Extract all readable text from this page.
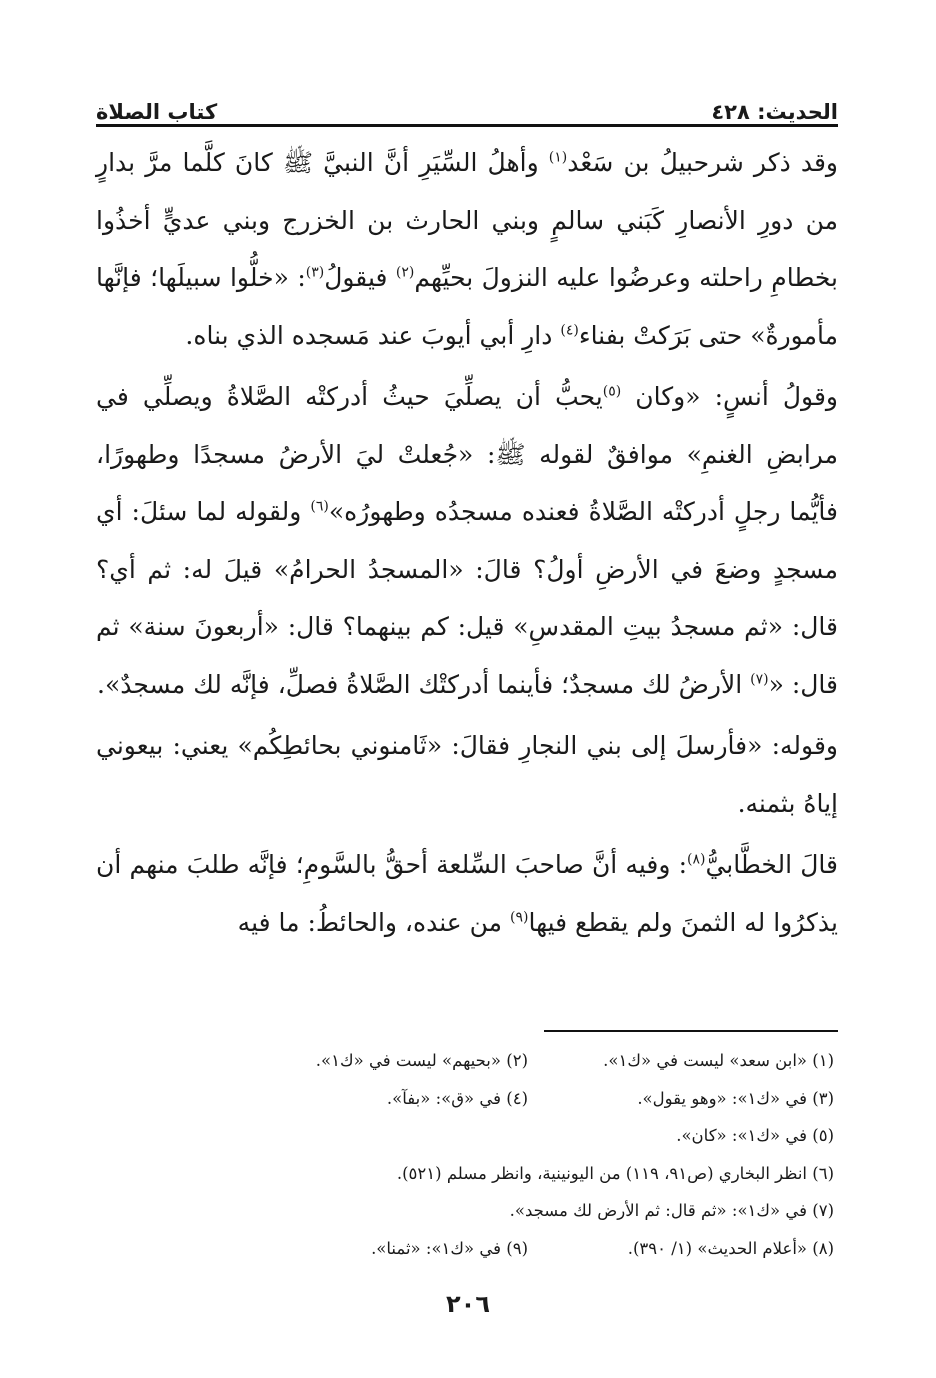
الحديث: ٤٢٨
كتاب الصلاة

وقد ذكر شرحبيلُ بن سَعْد$^{(١)}$ وأهلُ السِّيَرِ أنَّ النبيَّ ﷺ كانَ كلَّما مرَّ بدارٍ من دورِ الأنصارِ كَبَني سالمٍ وبني الحارث بن الخزرج وبني عديٍّ أخذُوا بخطامِ راحلته وعرضُوا عليه النزولَ بحيِّهم$^{(٢)}$ فيقولُ$^{(٣)}$: «خلُّوا سبيلَها؛ فإنَّها مأمورةٌ» حتى بَرَكتْ بفناء$^{(٤)}$ دارِ أبي أيوبَ عند مَسجده الذي بناه.

وقولُ أنسٍ: «وكان $^{(٥)}$يحبُّ أن يصلِّيَ حيثُ أدركتْه الصَّلاةُ ويصلِّي في مرابضِ الغنمِ» موافقٌ لقوله ﷺ: «جُعلتْ ليَ الأرضُ مسجدًا وطهورًا، فأيُّما رجلٍ أدركتْه الصَّلاةُ فعنده مسجدُه وطهورُه»$^{(٦)}$ ولقوله لما سئلَ: أي مسجدٍ وضعَ في الأرضِ أولُ؟ قالَ: «المسجدُ الحرامُ» قيلَ له: ثم أي؟ قال: «ثم مسجدُ بيتِ المقدسِ» قيل: كم بينهما؟ قال: «أربعونَ سنة» ثم قال: «$^{(٧)}$ الأرضُ لك مسجدٌ؛ فأينما أدركتْك الصَّلاةُ فصلِّ، فإنَّه لك مسجدٌ».

وقوله: «فأرسلَ إلى بني النجارِ فقالَ: «ثَامنوني بحائطِكُم» يعني: بيعوني إياهُ بثمنه.

قالَ الخطَّابيُّ$^{(٨)}$: وفيه أنَّ صاحبَ السِّلعة أحقُّ بالسَّومِ؛ فإنَّه طلبَ منهم أن يذكرُوا له الثمنَ ولم يقطع فيها$^{(٩)}$ من عنده، والحائطُ: ما فيه

(١) «ابن سعد» ليست في «ك١».
(٢) «بحيهم» ليست في «ك١».
(٣) في «ك١»: «وهو يقول».
(٤) في «ق»: «بفآ».
(٥) في «ك١»: «كان».
(٦) انظر البخاري (ص٩١، ١١٩) من اليونينية، وانظر مسلم (٥٢١).
(٧) في «ك١»: «ثم قال: ثم الأرض لك مسجد».
(٨) «أعلام الحديث» (١/ ٣٩٠).
(٩) في «ك١»: «ثمنا».
٢٠٦
